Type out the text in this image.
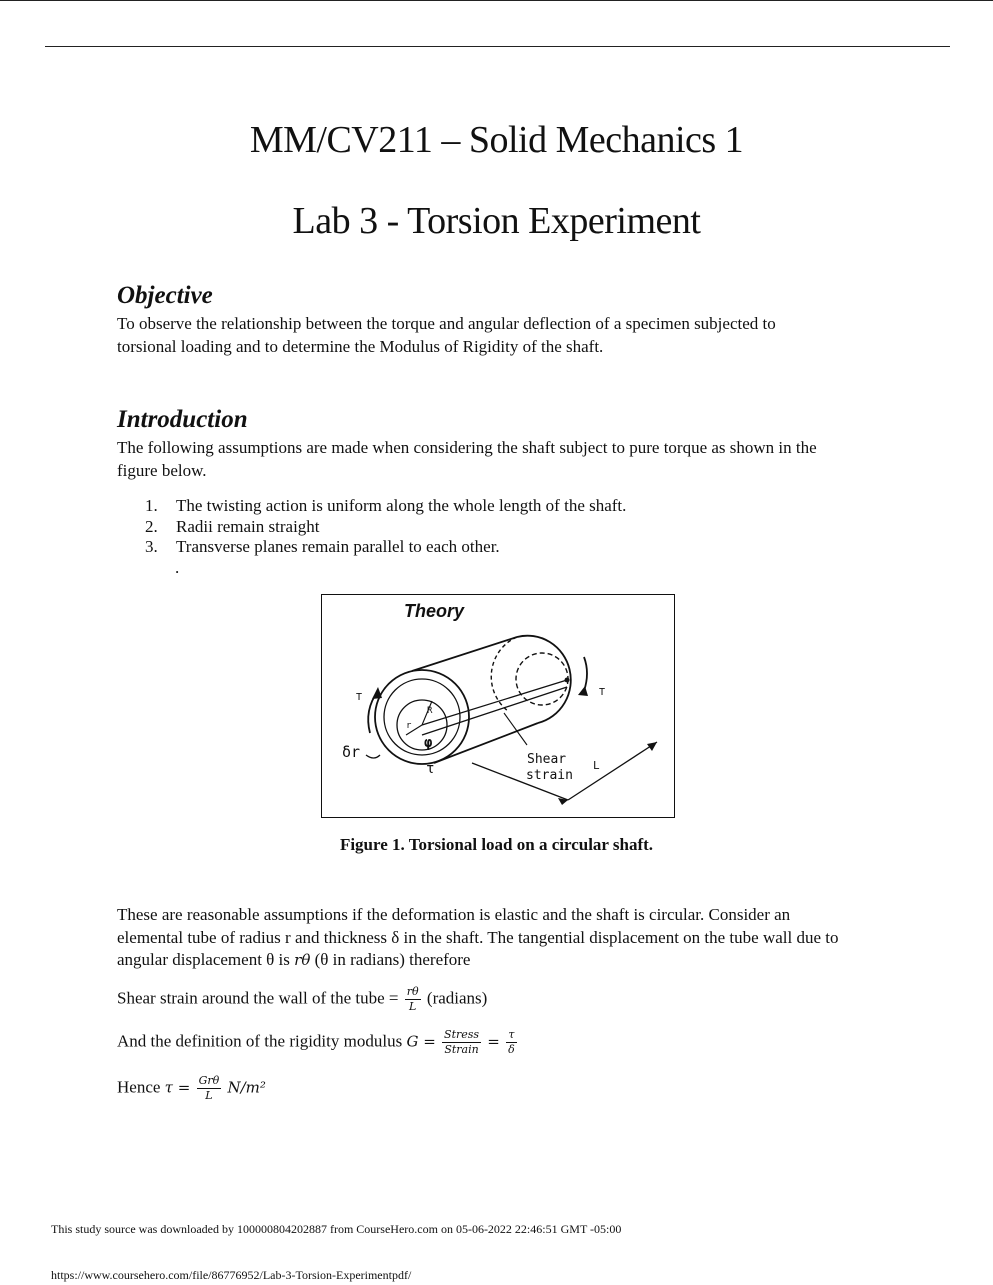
MM/CV211 – Solid Mechanics 1
Lab 3 - Torsion Experiment
Objective
To observe the relationship between the torque and angular deflection of a specimen subjected to
torsional loading and to determine the Modulus of Rigidity of the shaft.
Introduction
The following assumptions are made when considering the shaft subject to pure torque as shown in the
figure below.
1. The twisting action is uniform along the whole length of the shaft.
2. Radii remain straight
3. Transverse planes remain parallel to each other.
.
Theory
T	T
R
r
δr	φ
τ
Shear
strain
L
Figure 1. Torsional load on a circular shaft.
These are reasonable assumptions if the deformation is elastic and the shaft is circular. Consider an
elemental tube of radius r and thickness δ in the shaft. The tangential displacement on the tube wall due to
angular displacement θ is rθ (θ in radians) therefore
Shear strain around the wall of the tube = $\frac{r\theta}{L}$ (radians)
And the definition of the rigidity modulus $G = \frac{\text{Stress}}{\text{Strain}} = \frac{\tau}{\delta}$
Hence $\tau = \frac{\text{Grθ}}{L} N/m^2$
This study source was downloaded by 100000804202887 from CourseHero.com on 05-06-2022 22:46:51 GMT -05:00
https://www.coursehero.com/file/86776952/Lab-3-Torsion-Experimentpdf/
